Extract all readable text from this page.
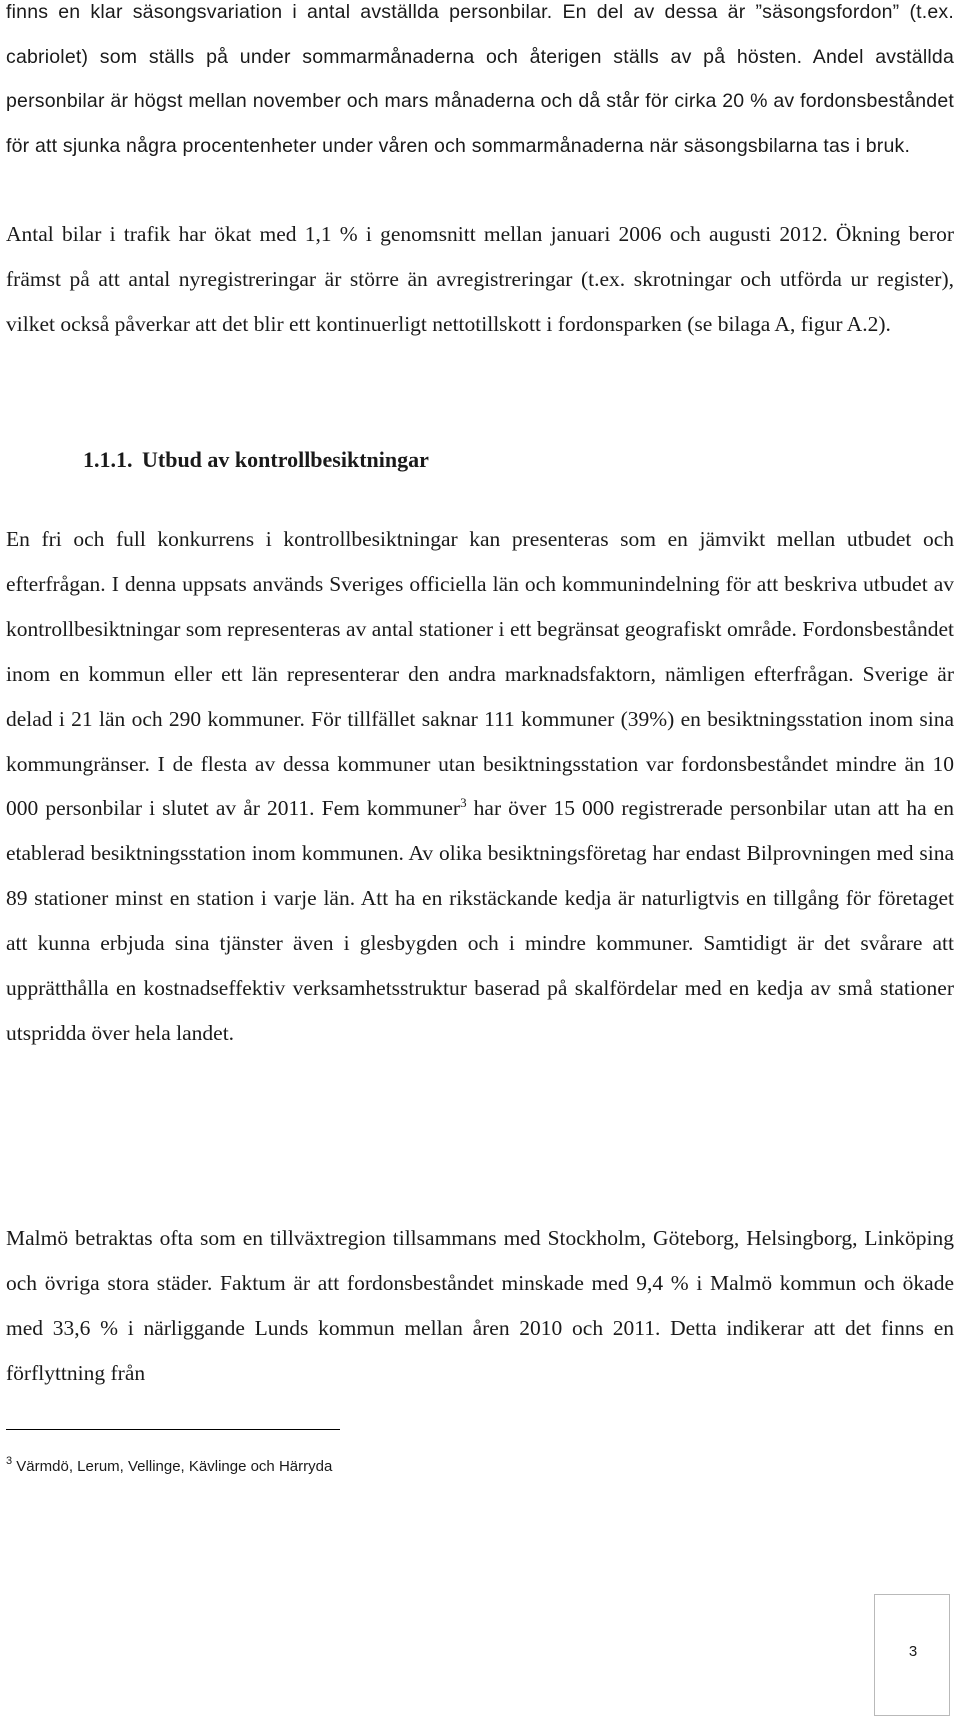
finns en klar säsongsvariation i antal avställda personbilar. En del av dessa är ”säsongsfordon” (t.ex. cabriolet) som ställs på under sommarmånaderna och återigen ställs av på hösten. Andel avställda personbilar är högst mellan november och mars månaderna och då står för cirka 20 % av fordonsbeståndet för att sjunka några procentenheter under våren och sommarmånaderna när säsongsbilarna tas i bruk.

Antal bilar i trafik har ökat med 1,1 % i genomsnitt mellan januari 2006 och augusti 2012. Ökning beror främst på att antal nyregistreringar är större än avregistreringar (t.ex. skrotningar och utförda ur register), vilket också påverkar att det blir ett kontinuerligt nettotillskott i fordonsparken (se bilaga A, figur A.2).

1.1.1. Utbud av kontrollbesiktningar

En fri och full konkurrens i kontrollbesiktningar kan presenteras som en jämvikt mellan utbudet och efterfrågan. I denna uppsats används Sveriges officiella län och kommunindelning för att beskriva utbudet av kontrollbesiktningar som representeras av antal stationer i ett begränsat geografiskt område. Fordonsbeståndet inom en kommun eller ett län representerar den andra marknadsfaktorn, nämligen efterfrågan. Sverige är delad i 21 län och 290 kommuner. För tillfället saknar 111 kommuner (39%) en besiktningsstation inom sina kommungränser. I de flesta av dessa kommuner utan besiktningsstation var fordonsbeståndet mindre än 10 000 personbilar i slutet av år 2011. Fem kommuner$^3$ har över 15 000 registrerade personbilar utan att ha en etablerad besiktningsstation inom kommunen. Av olika besiktningsföretag har endast Bilprovningen med sina 89 stationer minst en station i varje län. Att ha en rikstäckande kedja är naturligtvis en tillgång för företaget att kunna erbjuda sina tjänster även i glesbygden och i mindre kommuner. Samtidigt är det svårare att upprätthålla en kostnadseffektiv verksamhetsstruktur baserad på skalfördelar med en kedja av små stationer utspridda över hela landet.

Malmö betraktas ofta som en tillväxtregion tillsammans med Stockholm, Göteborg, Helsingborg, Linköping och övriga stora städer. Faktum är att fordonsbeståndet minskade med 9,4 % i Malmö kommun och ökade med 33,6 % i närliggande Lunds kommun mellan åren 2010 och 2011. Detta indikerar att det finns en förflyttning från

$^3$ Värmdö, Lerum, Vellinge, Kävlinge och Härryda

3
